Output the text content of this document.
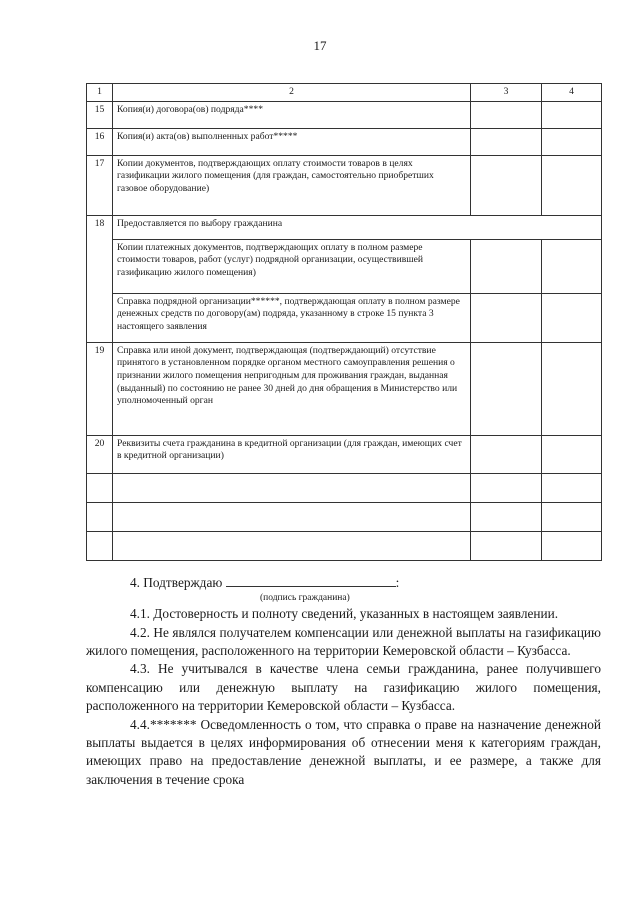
17
1	2	3	4
15	Копия(и) договора(ов) подряда****		
16	Копия(и) акта(ов) выполненных работ*****		
17	Копии документов, подтверждающих оплату стоимости товаров в целях газификации жилого помещения (для граждан, самостоятельно приобретших газовое оборудование)		
18	Предоставляется по выбору гражданина		
	Копии платежных документов, подтверждающих оплату в полном размере стоимости товаров, работ (услуг) подрядной организации, осуществившей газификацию жилого помещения)		
	Справка подрядной организации******, подтверждающая оплату в полном размере денежных средств по договору(ам) подряда, указанному в строке 15 пункта 3 настоящего заявления		
19	Справка или иной документ, подтверждающая (подтверждающий) отсутствие принятого в установленном порядке органом местного самоуправления решения о признании жилого помещения непригодным для проживания граждан, выданная (выданный) по состоянию не ранее 30 дней до дня обращения в Министерство или уполномоченный орган		
20	Реквизиты счета гражданина в кредитной организации (для граждан, имеющих счет в кредитной организации)		

4. Подтверждаю	:

(подпись гражданина)

4.1. Достоверность и полноту сведений, указанных в настоящем заявлении.

4.2. Не являлся получателем компенсации или денежной выплаты на газификацию жилого помещения, расположенного на территории Кемеровской области – Кузбасса.

4.3. Не учитывался в качестве члена семьи гражданина, ранее получившего компенсацию или денежную выплату на газификацию жилого помещения, расположенного на территории Кемеровской области – Кузбасса.

4.4.******* Осведомленность о том, что справка о праве на назначение денежной выплаты выдается в целях информирования об отнесении меня к категориям граждан, имеющих право на предоставление денежной выплаты, и ее размере, а также для заключения в течение срока
